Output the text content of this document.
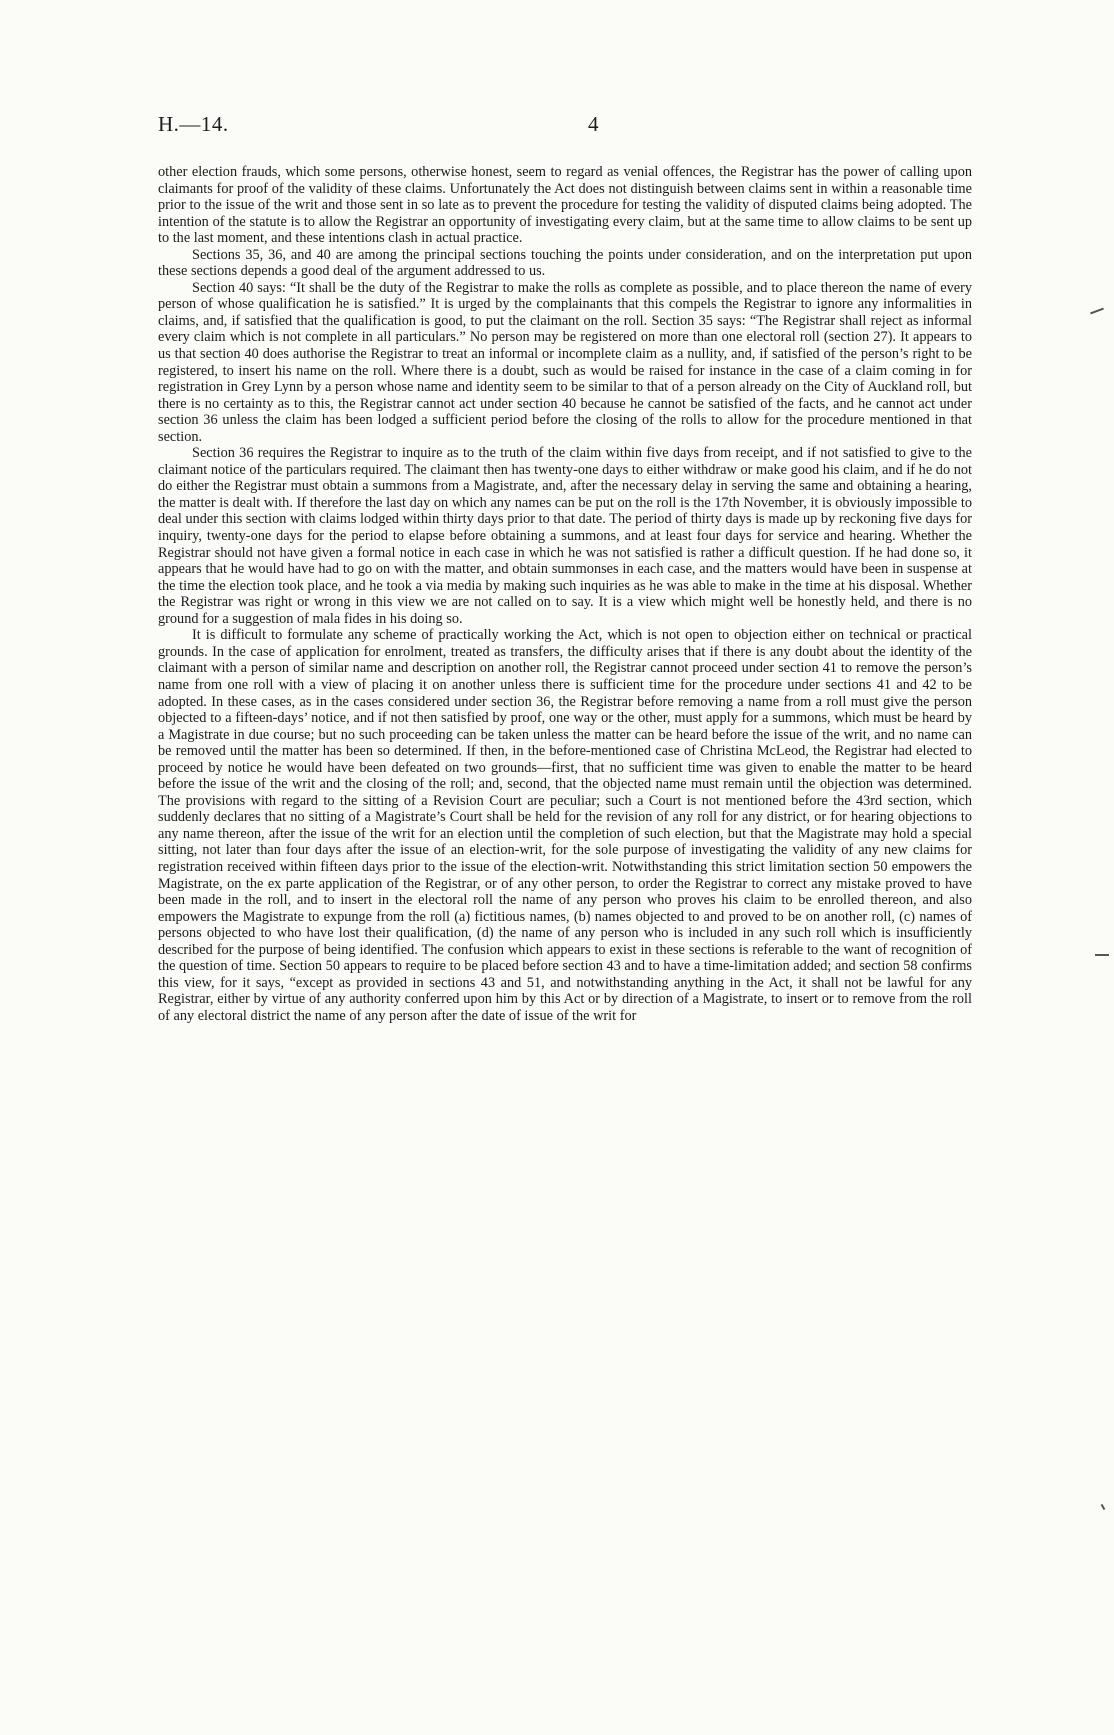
H.—14.	4

other election frauds, which some persons, otherwise honest, seem to regard as venial offences, the Registrar has the power of calling upon claimants for proof of the validity of these claims. Unfortunately the Act does not distinguish between claims sent in within a reasonable time prior to the issue of the writ and those sent in so late as to prevent the procedure for testing the validity of disputed claims being adopted. The intention of the statute is to allow the Registrar an opportunity of investigating every claim, but at the same time to allow claims to be sent up to the last moment, and these intentions clash in actual practice.

Sections 35, 36, and 40 are among the principal sections touching the points under consideration, and on the interpretation put upon these sections depends a good deal of the argument addressed to us.

Section 40 says: “It shall be the duty of the Registrar to make the rolls as complete as possible, and to place thereon the name of every person of whose qualification he is satisfied.” It is urged by the complainants that this compels the Registrar to ignore any informalities in claims, and, if satisfied that the qualification is good, to put the claimant on the roll. Section 35 says: “The Registrar shall reject as informal every claim which is not complete in all particulars.” No person may be registered on more than one electoral roll (section 27). It appears to us that section 40 does authorise the Registrar to treat an informal or incomplete claim as a nullity, and, if satisfied of the person’s right to be registered, to insert his name on the roll. Where there is a doubt, such as would be raised for instance in the case of a claim coming in for registration in Grey Lynn by a person whose name and identity seem to be similar to that of a person already on the City of Auckland roll, but there is no certainty as to this, the Registrar cannot act under section 40 because he cannot be satisfied of the facts, and he cannot act under section 36 unless the claim has been lodged a sufficient period before the closing of the rolls to allow for the procedure mentioned in that section.

Section 36 requires the Registrar to inquire as to the truth of the claim within five days from receipt, and if not satisfied to give to the claimant notice of the particulars required. The claimant then has twenty-one days to either withdraw or make good his claim, and if he do not do either the Registrar must obtain a summons from a Magistrate, and, after the necessary delay in serving the same and obtaining a hearing, the matter is dealt with. If therefore the last day on which any names can be put on the roll is the 17th November, it is obviously impossible to deal under this section with claims lodged within thirty days prior to that date. The period of thirty days is made up by reckoning five days for inquiry, twenty-one days for the period to elapse before obtaining a summons, and at least four days for service and hearing. Whether the Registrar should not have given a formal notice in each case in which he was not satisfied is rather a difficult question. If he had done so, it appears that he would have had to go on with the matter, and obtain summonses in each case, and the matters would have been in suspense at the time the election took place, and he took a via media by making such inquiries as he was able to make in the time at his disposal. Whether the Registrar was right or wrong in this view we are not called on to say. It is a view which might well be honestly held, and there is no ground for a suggestion of mala fides in his doing so.

It is difficult to formulate any scheme of practically working the Act, which is not open to objection either on technical or practical grounds. In the case of application for enrolment, treated as transfers, the difficulty arises that if there is any doubt about the identity of the claimant with a person of similar name and description on another roll, the Registrar cannot proceed under section 41 to remove the person’s name from one roll with a view of placing it on another unless there is sufficient time for the procedure under sections 41 and 42 to be adopted. In these cases, as in the cases considered under section 36, the Registrar before removing a name from a roll must give the person objected to a fifteen-days’ notice, and if not then satisfied by proof, one way or the other, must apply for a summons, which must be heard by a Magistrate in due course; but no such proceeding can be taken unless the matter can be heard before the issue of the writ, and no name can be removed until the matter has been so determined. If then, in the before-mentioned case of Christina McLeod, the Registrar had elected to proceed by notice he would have been defeated on two grounds—first, that no sufficient time was given to enable the matter to be heard before the issue of the writ and the closing of the roll; and, second, that the objected name must remain until the objection was determined. The provisions with regard to the sitting of a Revision Court are peculiar; such a Court is not mentioned before the 43rd section, which suddenly declares that no sitting of a Magistrate’s Court shall be held for the revision of any roll for any district, or for hearing objections to any name thereon, after the issue of the writ for an election until the completion of such election, but that the Magistrate may hold a special sitting, not later than four days after the issue of an election-writ, for the sole purpose of investigating the validity of any new claims for registration received within fifteen days prior to the issue of the election-writ. Notwithstanding this strict limitation section 50 empowers the Magistrate, on the ex parte application of the Registrar, or of any other person, to order the Registrar to correct any mistake proved to have been made in the roll, and to insert in the electoral roll the name of any person who proves his claim to be enrolled thereon, and also empowers the Magistrate to expunge from the roll (a) fictitious names, (b) names objected to and proved to be on another roll, (c) names of persons objected to who have lost their qualification, (d) the name of any person who is included in any such roll which is insufficiently described for the purpose of being identified. The confusion which appears to exist in these sections is referable to the want of recognition of the question of time. Section 50 appears to require to be placed before section 43 and to have a time-limitation added; and section 58 confirms this view, for it says, “except as provided in sections 43 and 51, and notwithstanding anything in the Act, it shall not be lawful for any Registrar, either by virtue of any authority conferred upon him by this Act or by direction of a Magistrate, to insert or to remove from the roll of any electoral district the name of any person after the date of issue of the writ for
